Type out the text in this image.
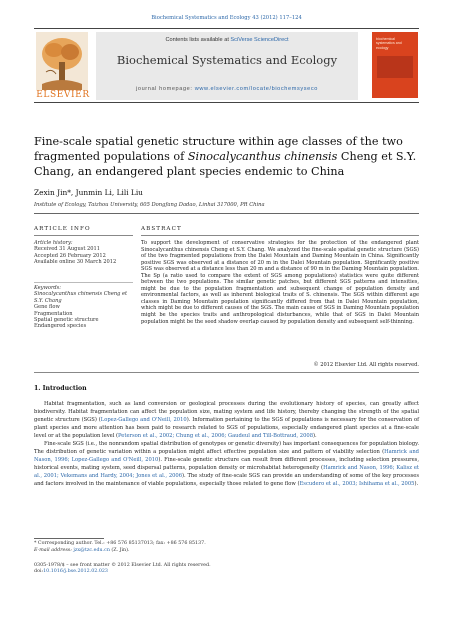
Biochemical Systematics and Ecology 43 (2012) 117–124
ELSEVIER
Contents lists available at SciVerse ScienceDirect
Biochemical Systematics and Ecology
journal homepage: www.elsevier.com/locate/biochemsyseco
biochemical systematics and ecology
Fine-scale spatial genetic structure within age classes of the two fragmented populations of Sinocalycanthus chinensis Cheng et S.Y. Chang, an endangered plant species endemic to China
Zexin Jin*, Junmin Li, Lili Liu
Institute of Ecology, Taizhou University, 605 Dongfang Dadao, Linhai 317000, PR China
ARTICLE INFO	ABSTRACT
Article history:
Received 31 August 2011
Accepted 26 February 2012
Available online 30 March 2012
Keywords:
Sinocalycanthus chinensis Cheng et S.Y. Chang
Gene flow
Fragmentation
Spatial genetic structure
Endangered species

To support the development of conservative strategies for the protection of the endangered plant Sinocalycanthus chinensis Cheng et S.Y. Chang. We analyzed the fine-scale spatial genetic structure (SGS) of the two fragmented populations from the Dalei Mountain and Daming Mountain in China. Significantly positive SGS was observed at a distance of 20 m in the Dalei Mountain population. Significantly positive SGS was observed at a distance less than 20 m and a distance of 90 m in the Daming Mountain population. The Sp (a ratio used to compare the extent of SGS among populations) statistics were quite different between the two populations. The similar genetic patches, but different SGS patterns and intensities, might be due to the population fragmentation and subsequent change of population density and environmental factors, as well as inherent biological traits of S. chinensis. The SGS within different age classes in Daming Mountain population significantly differed from that in Dalei Mountain population, which might be due to different causes of the SGS. The main cause of SGS in Daming Mountain population might be the species traits and anthropological disturbances, while that of SGS in Dalei Mountain population might be the seed shadow overlap caused by population density and subsequent self-thinning.

© 2012 Elsevier Ltd. All rights reserved.
1. Introduction

Habitat fragmentation, such as land conversion or geological processes during the evolutionary history of species, can greatly affect biodiversity. Habitat fragmentation can affect the population size, mating system and life history, thereby changing the strength of the spatial genetic structure (SGS) (Lopez-Gallego and O'Neill, 2010). Information pertaining to the SGS of populations is necessary for the conservation of plant species and more attention has been paid to research related to SGS of populations, especially endangered plant species at a fine-scale level or at the population level (Peterson et al., 2002; Chung et al., 2006; Gaudeul and Till-Bottraud, 2008).

Fine-scale SGS (i.e., the nonrandom spatial distribution of genotypes or genetic diversity) has important consequences for population biology. The distribution of genetic variation within a population might affect effective population size and pattern of viability selection (Hamrick and Nason, 1996; Lopez-Gallego and O'Neill, 2010). Fine-scale genetic structure can result from different processes, including selection pressures, historical events, mating system, seed dispersal patterns, population density or microhabitat heterogeneity (Hamrick and Nason, 1996; Kalisz et al., 2001; Vekemans and Hardy, 2004; Jones et al., 2006). The study of fine-scale SGS can provide an understanding of some of the key processes and factors involved in the maintenance of viable populations, especially those related to gene flow (Escudero et al., 2003; Ishihama et al., 2005).

* Corresponding author. Tel.: +86 576 85137013; fax: +86 576 85137.
E-mail address: jzx@tzc.edu.cn (Z. Jin).
0305-1978/$ – see front matter © 2012 Elsevier Ltd. All rights reserved.
doi:10.1016/j.bse.2012.02.023
